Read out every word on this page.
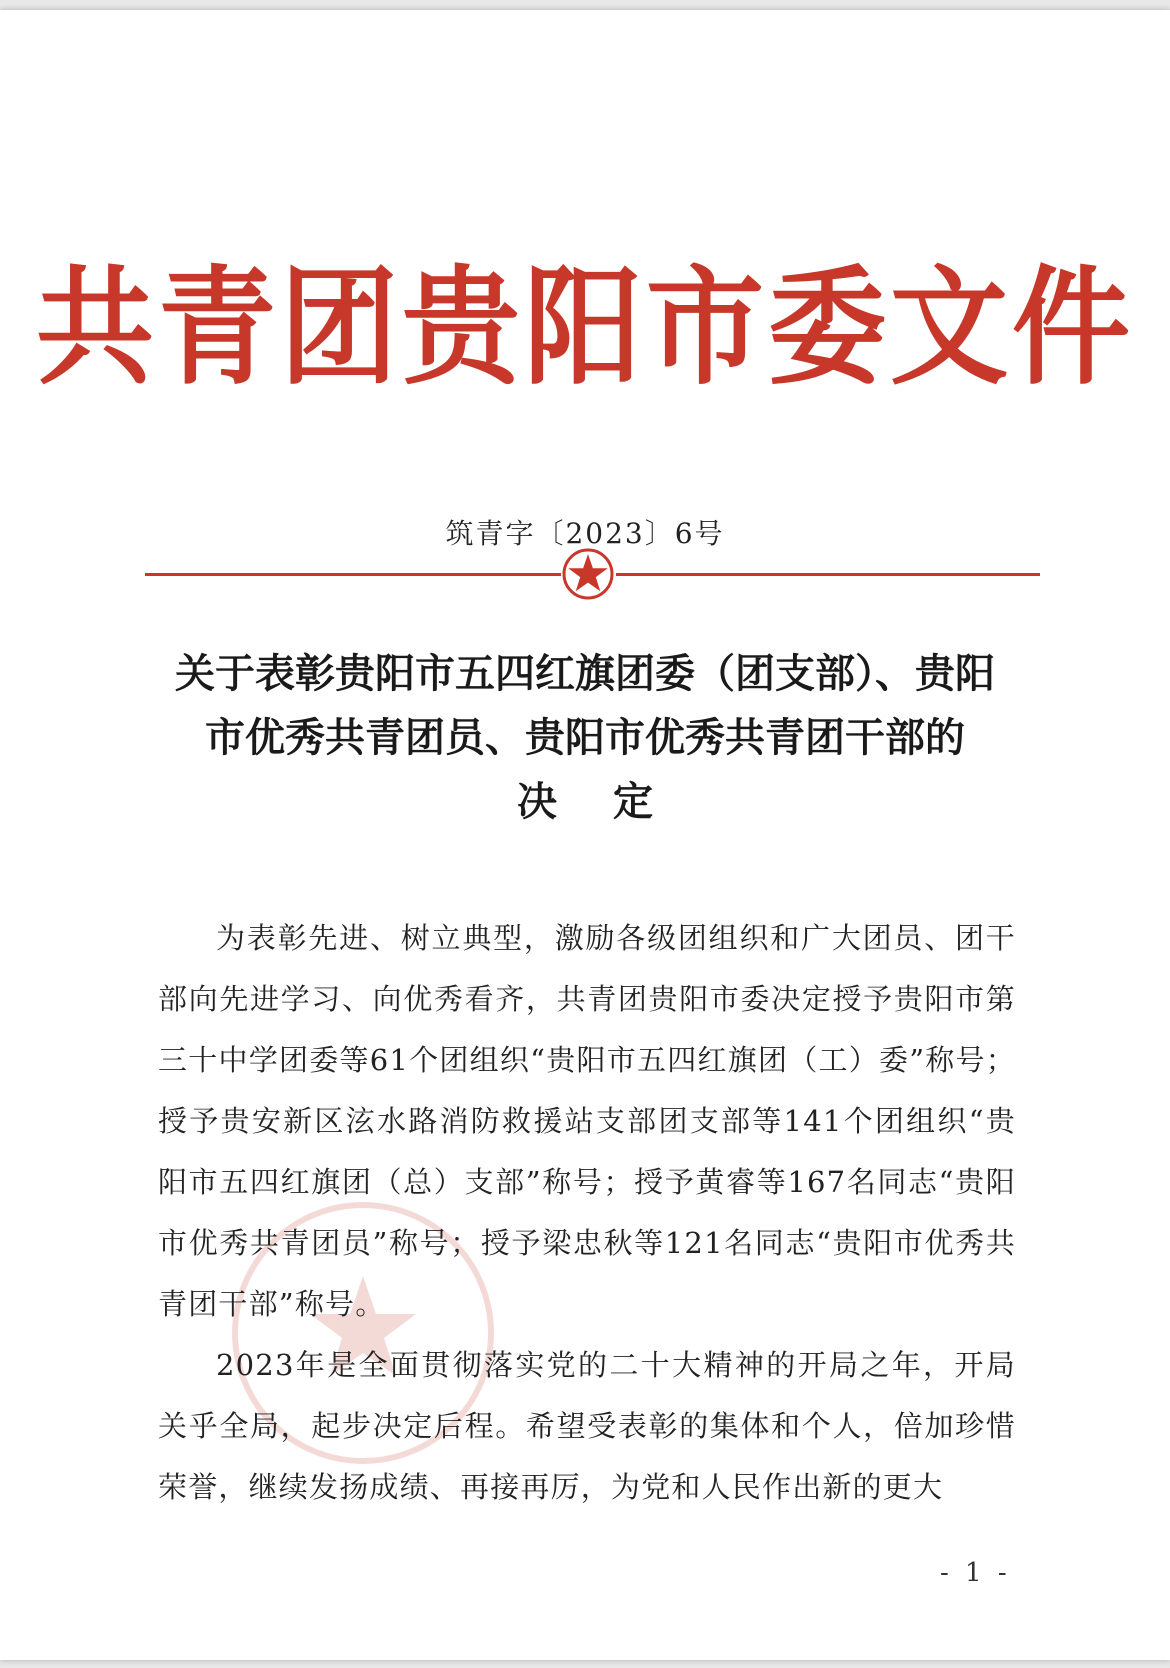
共青团贵阳市委文件
筑青字〔2023〕6号
关于表彰贵阳市五四红旗团委（团支部）、贵阳
市优秀共青团员、贵阳市优秀共青团干部的
决定

为表彰先进、树立典型，激励各级团组织和广大团员、团干部向先进学习、向优秀看齐，共青团贵阳市委决定授予贵阳市第三十中学团委等61个团组织“贵阳市五四红旗团（工）委”称号；授予贵安新区泫水路消防救援站支部团支部等141个团组织“贵阳市五四红旗团（总）支部”称号；授予黄睿等167名同志“贵阳市优秀共青团员”称号；授予梁忠秋等121名同志“贵阳市优秀共青团干部”称号。

2023年是全面贯彻落实党的二十大精神的开局之年，开局关乎全局，起步决定后程。希望受表彰的集体和个人，倍加珍惜荣誉，继续发扬成绩、再接再厉，为党和人民作出新的更大

- 1 -
